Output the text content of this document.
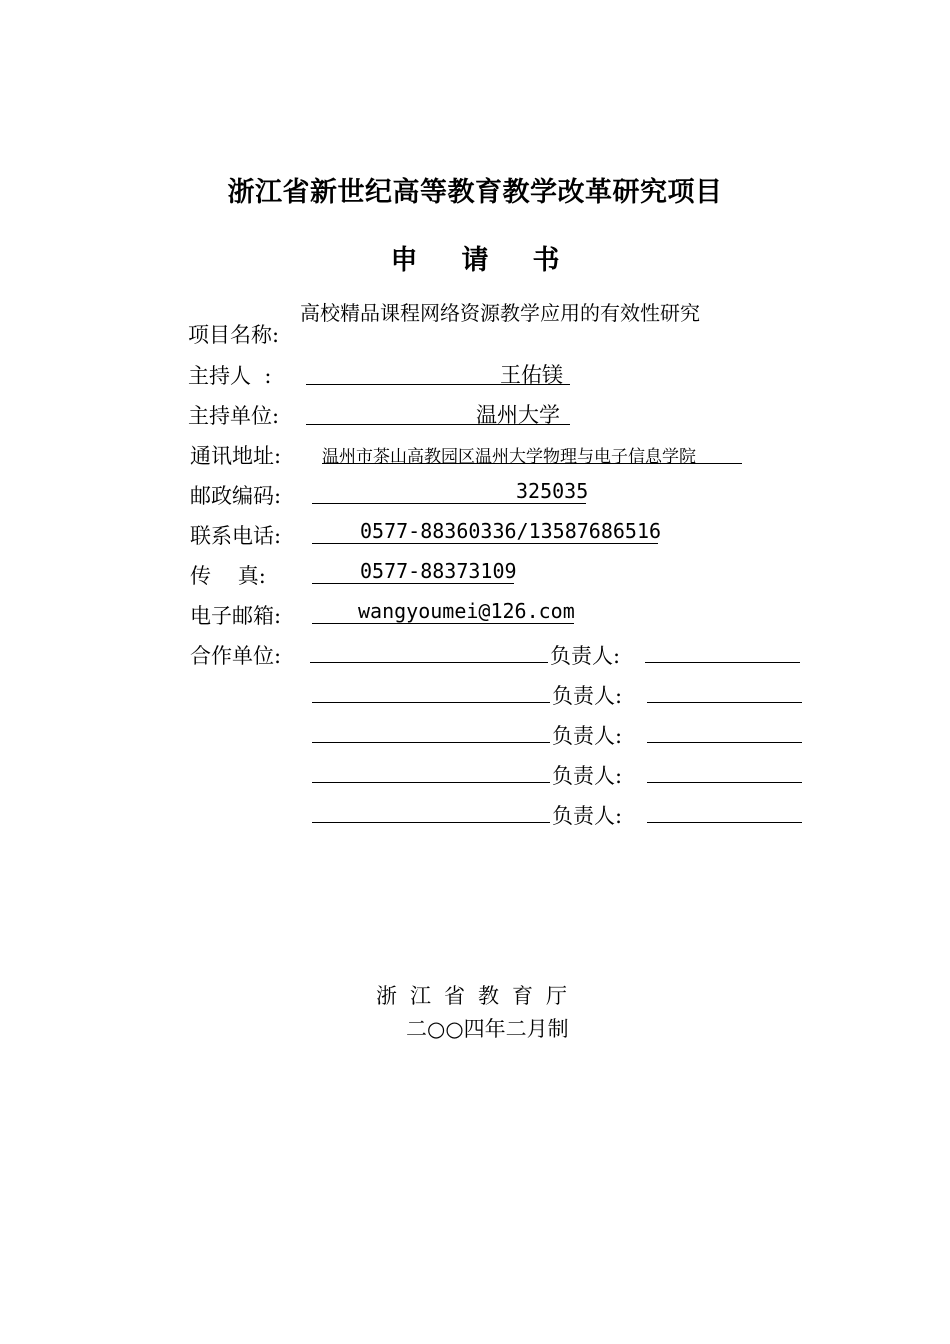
浙江省新世纪高等教育教学改革研究项目
申请书
项目名称:
高校精品课程网络资源教学应用的有效性研究
主持人  :	王佑镁
主持单位:	温州大学
通讯地址: 温州市茶山高教园区温州大学物理与电子信息学院
邮政编码:	325035
联系电话:	0577-88360336/13587686516
传    真:	0577-88373109
电子邮箱:	wangyoumei@126.com
合作单位:	负责人:
负责人:
负责人:
负责人:
负责人:
浙江省教育厅
二○○四年二月制
